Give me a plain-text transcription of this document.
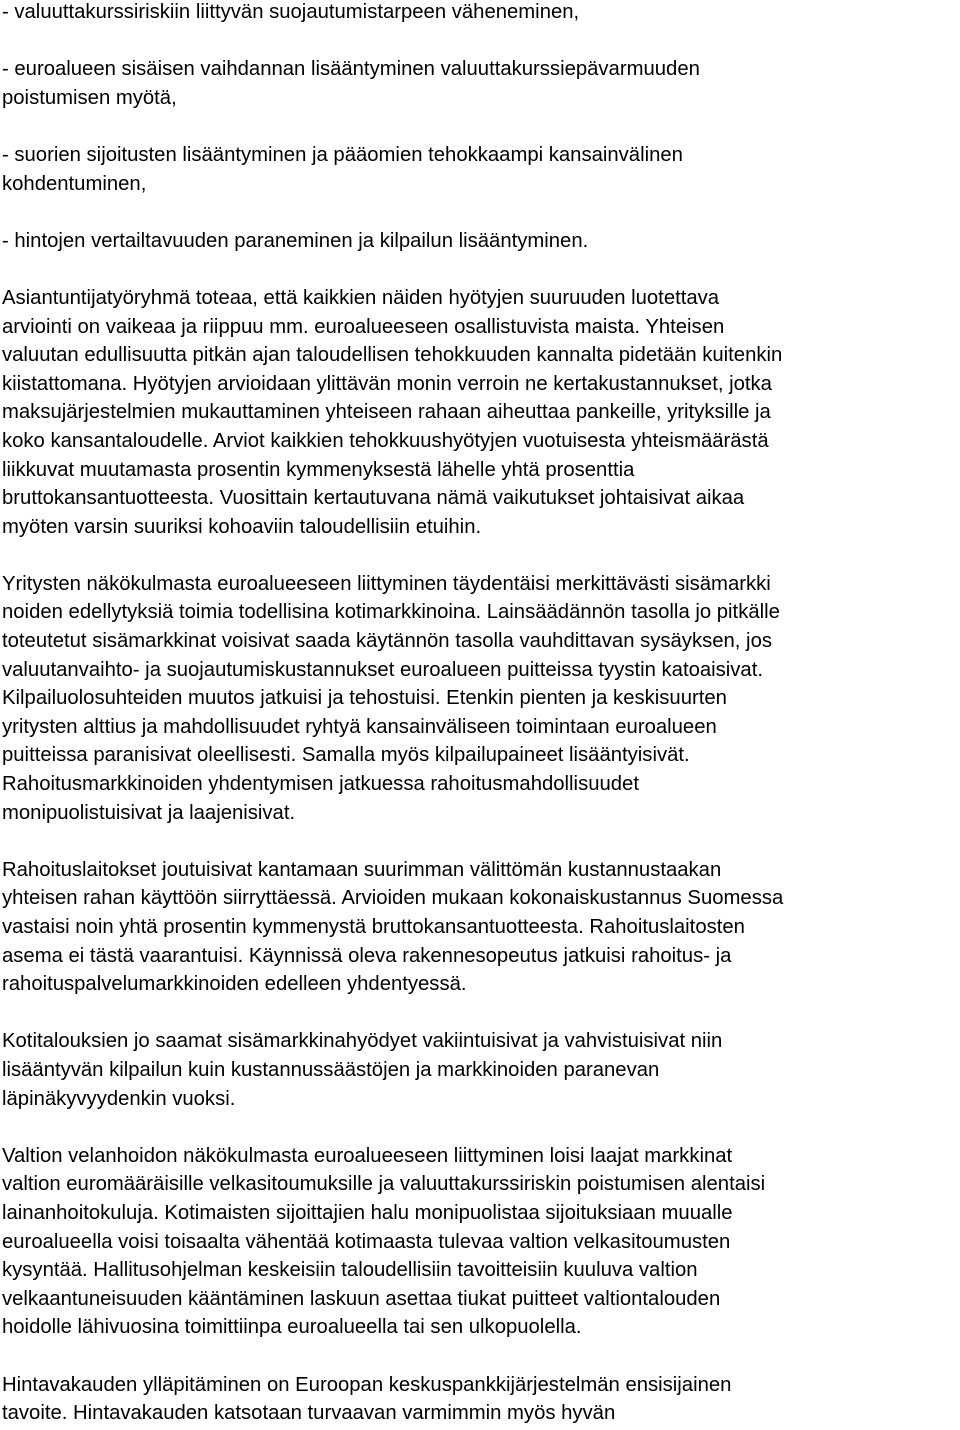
- valuuttakurssiriskiin liittyvän suojautumistarpeen väheneminen,
- euroalueen sisäisen vaihdannan lisääntyminen valuuttakurssiepävarmuuden
poistumisen myötä,
- suorien sijoitusten lisääntyminen ja pääomien tehokkaampi kansainvälinen
kohdentuminen,
- hintojen vertailtavuuden paraneminen ja kilpailun lisääntyminen.
Asiantuntijatyöryhmä toteaa, että kaikkien näiden hyötyjen suuruuden luotettava
arviointi on vaikeaa ja riippuu mm. euroalueeseen osallistuvista maista. Yhteisen
valuutan edullisuutta pitkän ajan taloudellisen tehokkuuden kannalta pidetään kuitenkin
kiistattomana. Hyötyjen arvioidaan ylittävän monin verroin ne kertakustannukset, jotka
maksujärjestelmien mukauttaminen yhteiseen rahaan aiheuttaa pankeille, yrityksille ja
koko kansantaloudelle. Arviot kaikkien tehokkuushyötyjen vuotuisesta yhteismäärästä
liikkuvat muutamasta prosentin kymmenyksestä lähelle yhtä prosenttia
bruttokansantuotteesta. Vuosittain kertautuvana nämä vaikutukset johtaisivat aikaa
myöten varsin suuriksi kohoaviin taloudellisiin etuihin.
Yritysten näkökulmasta euroalueeseen liittyminen täydentäisi merkittävästi sisämarkki
noiden edellytyksiä toimia todellisina kotimarkkinoina. Lainsäädännön tasolla jo pitkälle
toteutetut sisämarkkinat voisivat saada käytännön tasolla vauhdittavan sysäyksen, jos
valuutanvaihto- ja suojautumiskustannukset euroalueen puitteissa tyystin katoaisivat.
Kilpailuolosuhteiden muutos jatkuisi ja tehostuisi. Etenkin pienten ja keskisuurten
yritysten alttius ja mahdollisuudet ryhtyä kansainväliseen toimintaan euroalueen
puitteissa paranisivat oleellisesti. Samalla myös kilpailupaineet lisääntyisivät.
Rahoitusmarkkinoiden yhdentymisen jatkuessa rahoitusmahdollisuudet
monipuolistuisivat ja laajenisivat.
Rahoituslaitokset joutuisivat kantamaan suurimman välittömän kustannustaakan
yhteisen rahan käyttöön siirryttäessä. Arvioiden mukaan kokonaiskustannus Suomessa
vastaisi noin yhtä prosentin kymmenystä bruttokansantuotteesta. Rahoituslaitosten
asema ei tästä vaarantuisi. Käynnissä oleva rakennesopeutus jatkuisi rahoitus- ja
rahoituspalvelumarkkinoiden edelleen yhdentyessä.
Kotitalouksien jo saamat sisämarkkinahyödyet vakiintuisivat ja vahvistuisivat niin
lisääntyvän kilpailun kuin kustannussäästöjen ja markkinoiden paranevan
läpinäkyvyydenkin vuoksi.
Valtion velanhoidon näkökulmasta euroalueeseen liittyminen loisi laajat markkinat
valtion euromääräisille velkasitoumuksille ja valuuttakurssiriskin poistumisen alentaisi
lainanhoitokuluja. Kotimaisten sijoittajien halu monipuolistaa sijoituksiaan muualle
euroalueella voisi toisaalta vähentää kotimaasta tulevaa valtion velkasitoumusten
kysyntää. Hallitusohjelman keskeisiin taloudellisiin tavoitteisiin kuuluva valtion
velkaantuneisuuden kääntäminen laskuun asettaa tiukat puitteet valtiontalouden
hoidolle lähivuosina toimittiinpa euroalueella tai sen ulkopuolella.
Hintavakauden ylläpitäminen on Euroopan keskuspankkijärjestelmän ensisijainen
tavoite. Hintavakauden katsotaan turvaavan varmimmin myös hyvän
